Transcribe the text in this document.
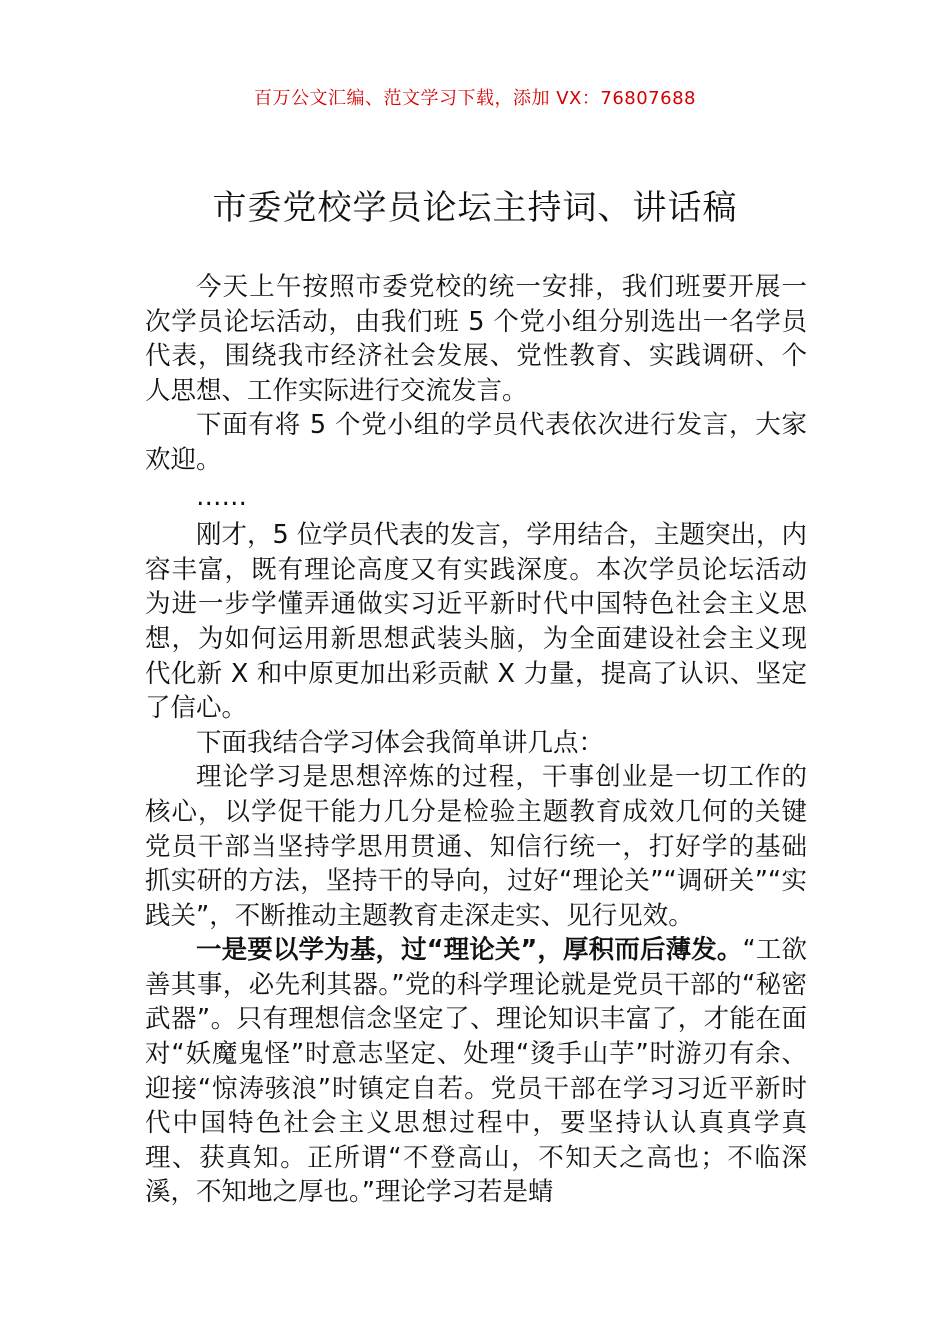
百万公文汇编、范文学习下载，添加 VX：76807688
市委党校学员论坛主持词、讲话稿

今天上午按照市委党校的统一安排，我们班要开展一次学员论坛活动，由我们班 5 个党小组分别选出一名学员代表，围绕我市经济社会发展、党性教育、实践调研、个人思想、工作实际进行交流发言。

下面有将 5 个党小组的学员代表依次进行发言，大家欢迎。

……

刚才，5 位学员代表的发言，学用结合，主题突出，内容丰富，既有理论高度又有实践深度。本次学员论坛活动为进一步学懂弄通做实习近平新时代中国特色社会主义思想，为如何运用新思想武装头脑，为全面建设社会主义现代化新 X 和中原更加出彩贡献 X 力量，提高了认识、坚定了信心。

下面我结合学习体会我简单讲几点：

理论学习是思想淬炼的过程，干事创业是一切工作的核心，以学促干能力几分是检验主题教育成效几何的关键党员干部当坚持学思用贯通、知信行统一，打好学的基础抓实研的方法，坚持干的导向，过好“理论关”“调研关”“实践关”，不断推动主题教育走深走实、见行见效。

一是要以学为基，过“理论关”，厚积而后薄发。“工欲善其事，必先利其器。”党的科学理论就是党员干部的“秘密武器”。只有理想信念坚定了、理论知识丰富了，才能在面对“妖魔鬼怪”时意志坚定、处理“烫手山芋”时游刃有余、迎接“惊涛骇浪”时镇定自若。党员干部在学习习近平新时代中国特色社会主义思想过程中，要坚持认认真真学真理、获真知。正所谓“不登高山，不知天之高也；不临深溪，不知地之厚也。”理论学习若是蜻
